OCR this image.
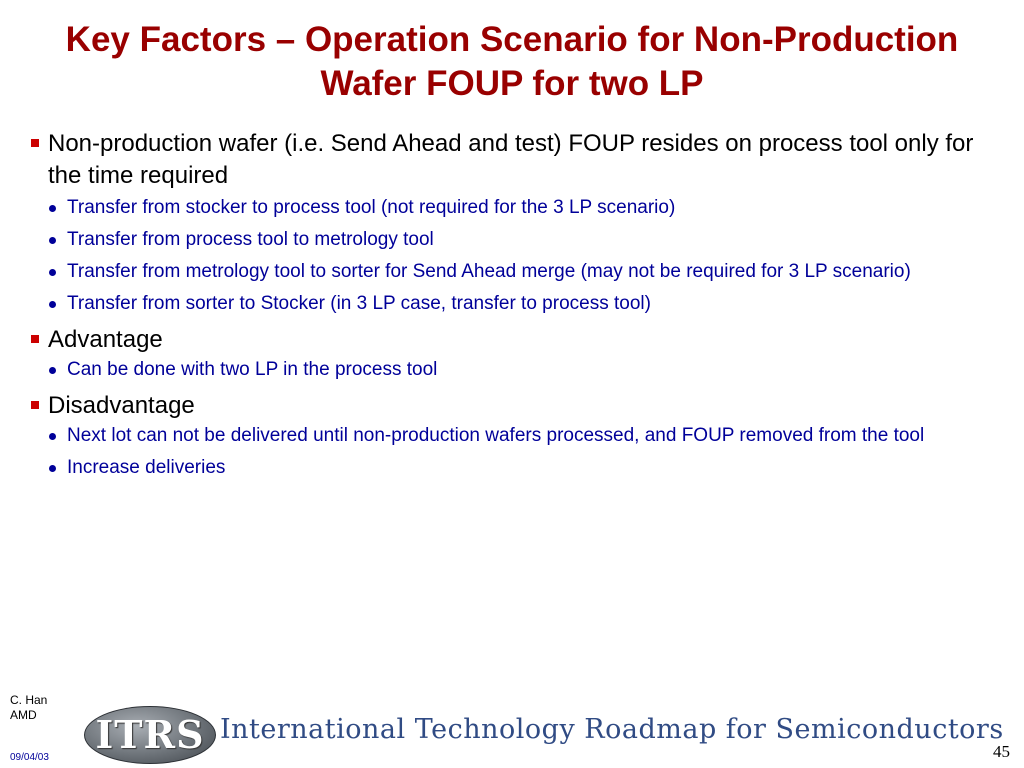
Key Factors – Operation Scenario for Non-Production Wafer FOUP for two LP
Non-production wafer (i.e. Send Ahead and test) FOUP resides on process tool only for the time required
Transfer from stocker to process tool (not required for the 3 LP scenario)
Transfer from process tool to metrology tool
Transfer from metrology tool to sorter for Send Ahead merge (may not be required for 3 LP scenario)
Transfer from sorter to Stocker (in 3 LP case, transfer to process tool)
Advantage
Can be done with two LP in the process tool
Disadvantage
Next lot can not be delivered until non-production wafers processed, and FOUP removed from the tool
Increase deliveries
C. Han
AMD
09/04/03
ITRS International Technology Roadmap for Semiconductors
45
